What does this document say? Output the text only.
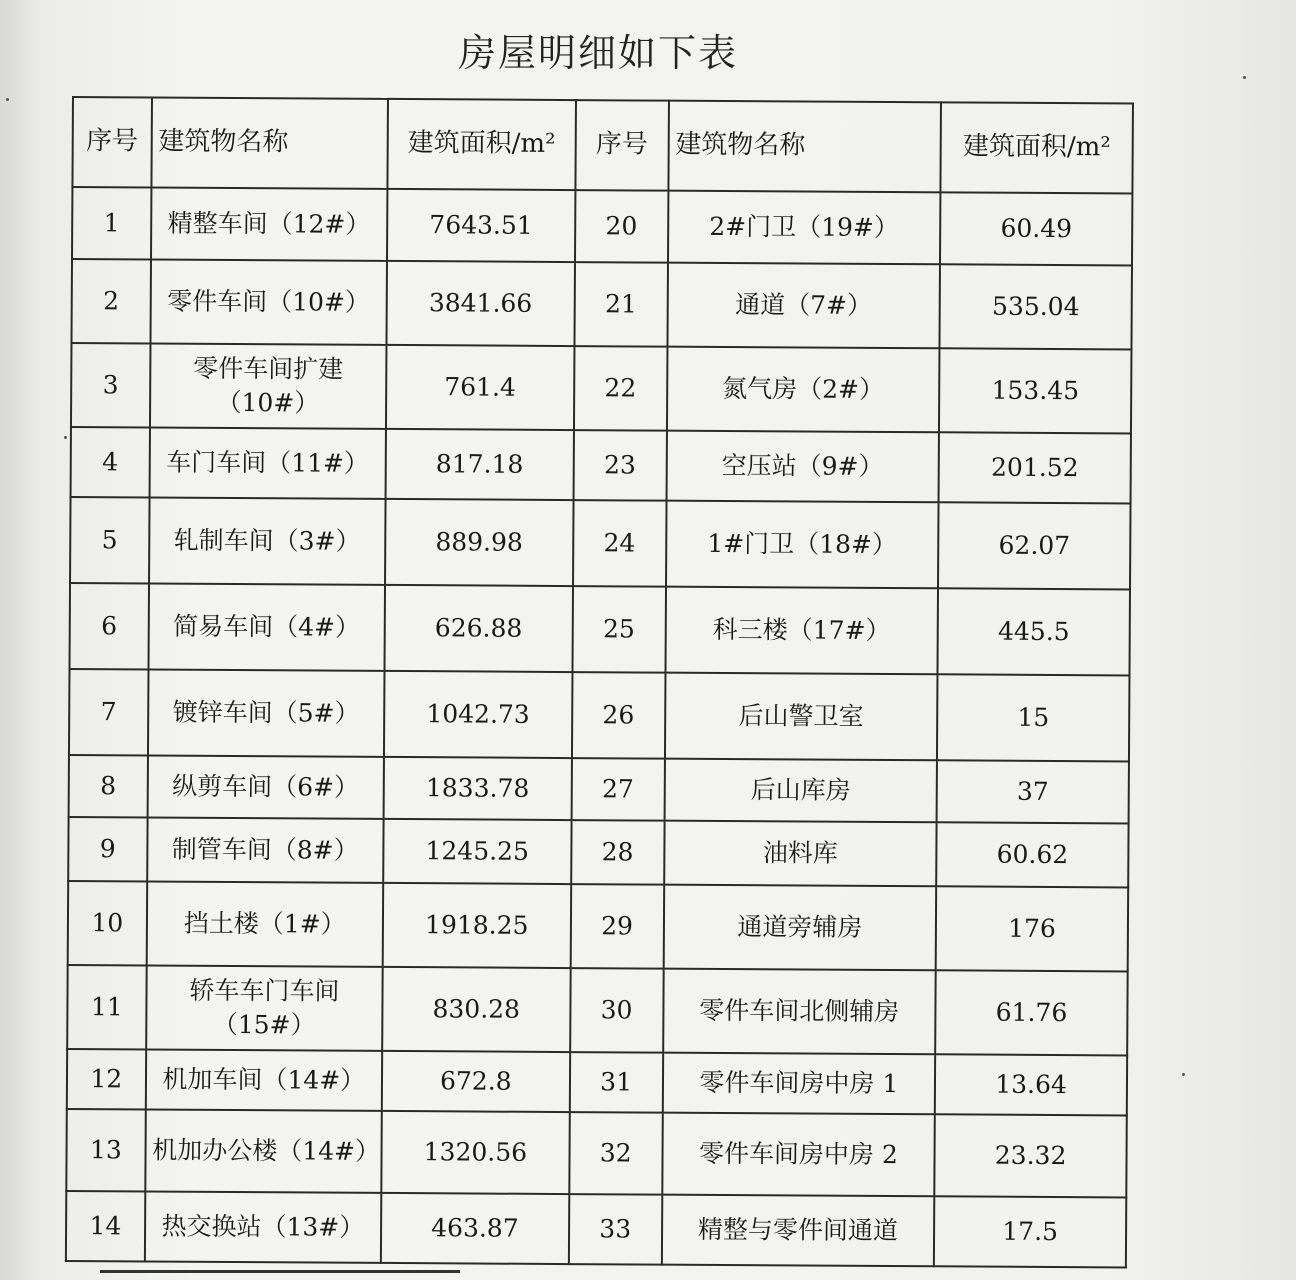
房屋明细如下表
序号	建筑物名称	建筑面积/m²	序号	建筑物名称	建筑面积/m²
1	精整车间（12#）	7643.51	20	2#门卫（19#）	60.49
2	零件车间（10#）	3841.66	21	通道（7#）	535.04
3	零件车间扩建（10#）	761.4	22	氮气房（2#）	153.45
4	车门车间（11#）	817.18	23	空压站（9#）	201.52
5	轧制车间（3#）	889.98	24	1#门卫（18#）	62.07
6	简易车间（4#）	626.88	25	科三楼（17#）	445.5
7	镀锌车间（5#）	1042.73	26	后山警卫室	15
8	纵剪车间（6#）	1833.78	27	后山库房	37
9	制管车间（8#）	1245.25	28	油料库	60.62
10	挡土楼（1#）	1918.25	29	通道旁辅房	176
11	轿车车门车间（15#）	830.28	30	零件车间北侧辅房	61.76
12	机加车间（14#）	672.8	31	零件车间房中房 1	13.64
13	机加办公楼（14#）	1320.56	32	零件车间房中房 2	23.32
14	热交换站（13#）	463.87	33	精整与零件间通道	17.5
